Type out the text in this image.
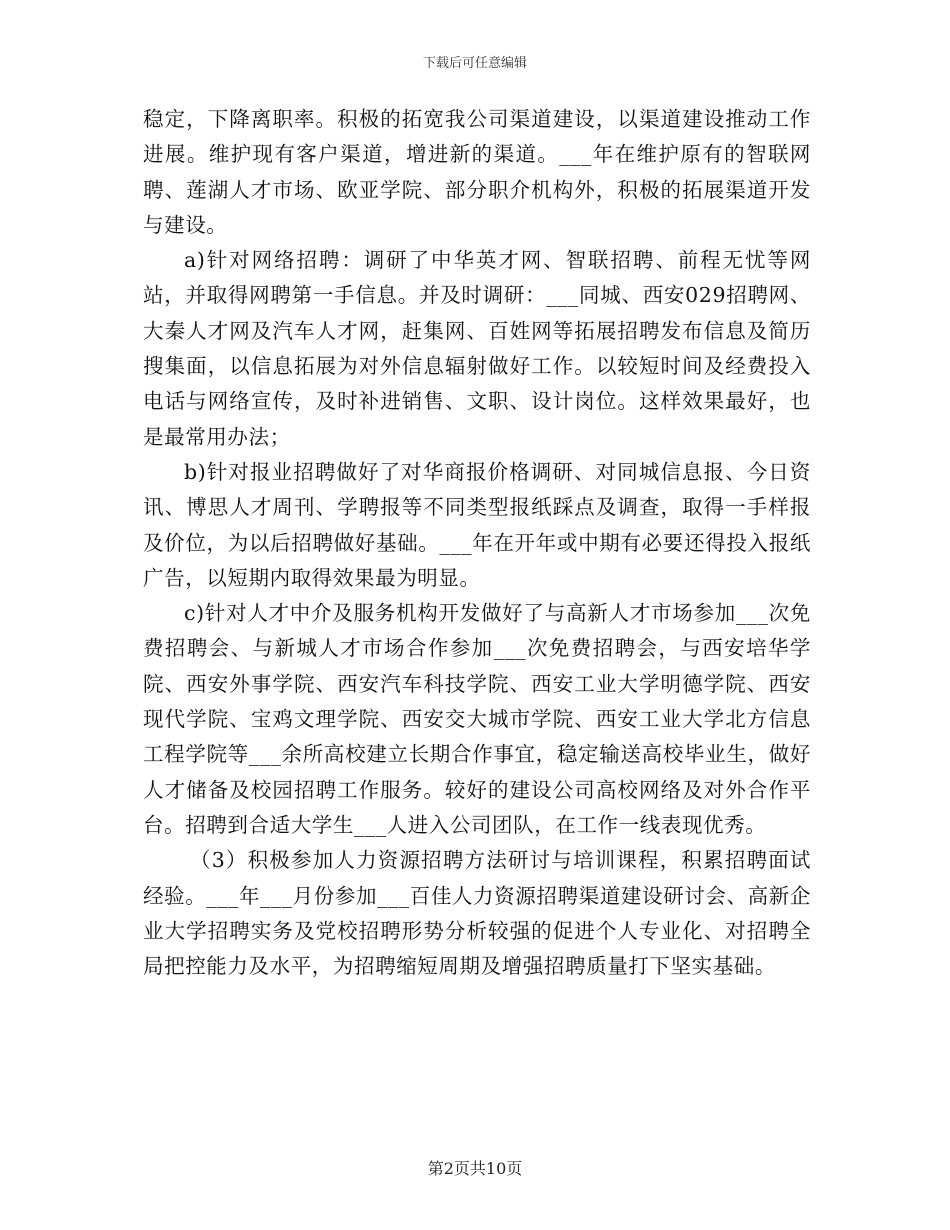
下载后可任意编辑

稳定，下降离职率。积极的拓宽我公司渠道建设，以渠道建设推动工作进展。维护现有客户渠道，增进新的渠道。___年在维护原有的智联网聘、莲湖人才市场、欧亚学院、部分职介机构外，积极的拓展渠道开发与建设。

a)针对网络招聘：调研了中华英才网、智联招聘、前程无忧等网站，并取得网聘第一手信息。并及时调研：___同城、西安029招聘网、大秦人才网及汽车人才网，赶集网、百姓网等拓展招聘发布信息及简历搜集面，以信息拓展为对外信息辐射做好工作。以较短时间及经费投入电话与网络宣传，及时补进销售、文职、设计岗位。这样效果最好，也是最常用办法；

b)针对报业招聘做好了对华商报价格调研、对同城信息报、今日资讯、博思人才周刊、学聘报等不同类型报纸踩点及调查，取得一手样报及价位，为以后招聘做好基础。___年在开年或中期有必要还得投入报纸广告，以短期内取得效果最为明显。

c)针对人才中介及服务机构开发做好了与高新人才市场参加___次免费招聘会、与新城人才市场合作参加___次免费招聘会，与西安培华学院、西安外事学院、西安汽车科技学院、西安工业大学明德学院、西安现代学院、宝鸡文理学院、西安交大城市学院、西安工业大学北方信息工程学院等___余所高校建立长期合作事宜，稳定输送高校毕业生，做好人才储备及校园招聘工作服务。较好的建设公司高校网络及对外合作平台。招聘到合适大学生___人进入公司团队，在工作一线表现优秀。

（3）积极参加人力资源招聘方法研讨与培训课程，积累招聘面试经验。___年___月份参加___百佳人力资源招聘渠道建设研讨会、高新企业大学招聘实务及党校招聘形势分析较强的促进个人专业化、对招聘全局把控能力及水平，为招聘缩短周期及增强招聘质量打下坚实基础。

第2页共10页
